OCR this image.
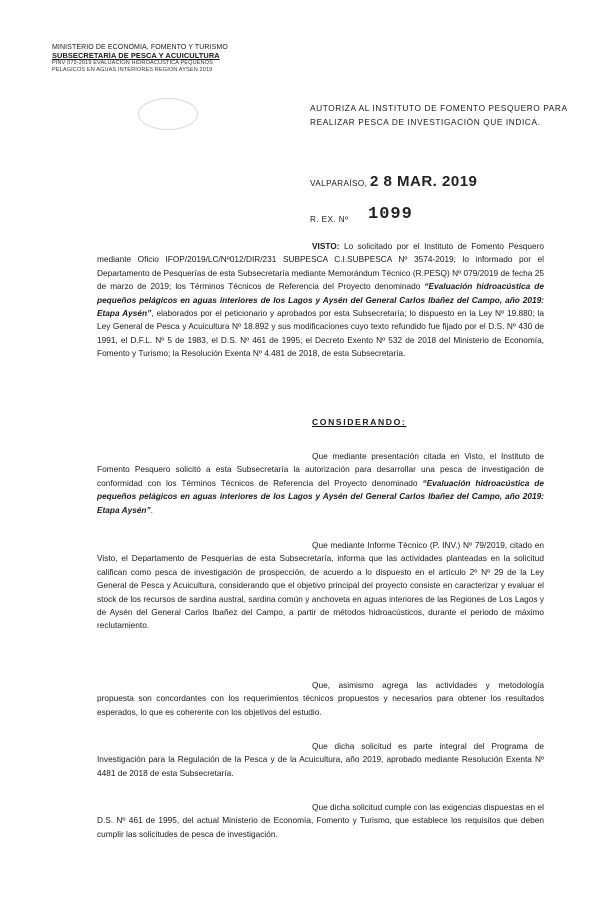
MINISTERIO DE ECONOMÍA, FOMENTO Y TURISMO
SUBSECRETARÍA DE PESCA Y ACUICULTURA
PINV 079-2019 EVALUACIÓN HIDROACÚSTICA PEQUEÑOS
PELÁGICOS EN AGUAS INTERIORES REGIÓN AYSÉN 2019
AUTORIZA AL INSTITUTO DE FOMENTO PESQUERO PARA REALIZAR PESCA DE INVESTIGACIÓN QUE INDICA.
VALPARAÍSO, 2 8 MAR. 2019
R. EX. Nº 1099
VISTO: Lo solicitado por el Instituto de Fomento Pesquero mediante Oficio IFOP/2019/LC/Nº012/DIR/231 SUBPESCA C.I.SUBPESCA Nº 3574-2019; lo informado por el Departamento de Pesquerías de esta Subsecretaría mediante Memorándum Técnico (R.PESQ) Nº 079/2019 de fecha 25 de marzo de 2019; los Términos Técnicos de Referencia del Proyecto denominado “Evaluación hidroacústica de pequeños pelágicos en aguas interiores de los Lagos y Aysén del General Carlos Ibañez del Campo, año 2019: Etapa Aysén”, elaborados por el peticionario y aprobados por esta Subsecretaría; lo dispuesto en la Ley Nº 19.880; la Ley General de Pesca y Acuicultura Nº 18.892 y sus modificaciones cuyo texto refundido fue fijado por el D.S. Nº 430 de 1991, el D.F.L. Nº 5 de 1983, el D.S. Nº 461 de 1995; el Decreto Exento Nº 532 de 2018 del Ministerio de Economía, Fomento y Turismo; la Resolución Exenta Nº 4.481 de 2018, de esta Subsecretaría.
CONSIDERANDO:
Que mediante presentación citada en Visto, el Instituto de Fomento Pesquero solicitó a esta Subsecretaría la autorización para desarrollar una pesca de investigación de conformidad con los Términos Técnicos de Referencia del Proyecto denominado “Evaluación hidroacústica de pequeños pelágicos en aguas interiores de los Lagos y Aysén del General Carlos Ibañez del Campo, año 2019: Etapa Aysén”.
Que mediante Informe Técnico (P. INV.) Nº 79/2019, citado en Visto, el Departamento de Pesquerías de esta Subsecretaría, informa que las actividades planteadas en la solicitud califican como pesca de investigación de prospección, de acuerdo a lo dispuesto en el artículo 2º Nº 29 de la Ley General de Pesca y Acuicultura, considerando que el objetivo principal del proyecto consiste en caracterizar y evaluar el stock de los recursos de sardina austral, sardina común y anchoveta en aguas interiores de las Regiones de Los Lagos y de Aysén del General Carlos Ibañez del Campo, a partir de métodos hidroacústicos, durante el periodo de máximo reclutamiento.
Que, asimismo agrega las actividades y metodología propuesta son concordantes con los requerimientos técnicos propuestos y necesarios para obtener los resultados esperados, lo que es coherente con los objetivos del estudio.
Que dicha solicitud es parte integral del Programa de Investigación para la Regulación de la Pesca y de la Acuicultura, año 2019, aprobado mediante Resolución Exenta Nº 4481 de 2018 de esta Subsecretaría.
Que dicha solicitud cumple con las exigencias dispuestas en el D.S. Nº 461 de 1995, del actual Ministerio de Economía, Fomento y Turismo, que establece los requisitos que deben cumplir las solicitudes de pesca de investigación.
